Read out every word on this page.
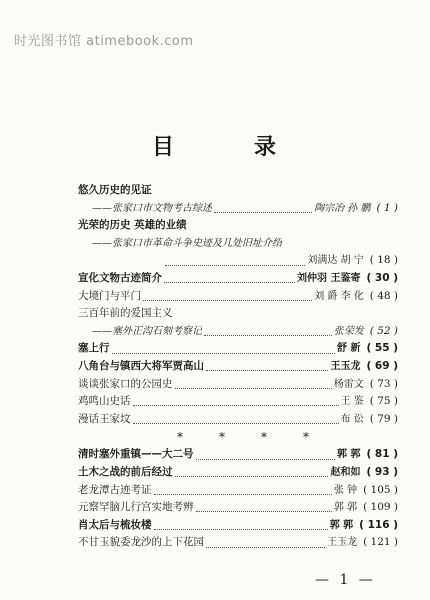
时光图书馆 atimebook.com
目	录
悠久历史的见证
——张家口市文物考古综述	陶宗冶 孙 鹏 ( 1 )
光荣的历史 英雄的业绩
——张家口市革命斗争史迹及几处旧址介绍
刘满达 胡 宁 ( 18 )
宣化文物古迹简介	刘仲羽 王鉴寄 ( 30 )
大境门与平门	刘 爵 李 化 ( 48 )
三百年前的爱国主义
——塞外正沟石刻考察记	张荣发 ( 52 )
塞上行	舒 新 ( 55 )
八角台与镇西大将军贾高山	王玉龙 ( 69 )
谈谈张家口的公园史	杨雷文 ( 73 )
鸡鸣山史话	王 鉴 ( 75 )
漫话王家坟	布 讼 ( 79 )
*	*	*	*
清时塞外重镇——大二号	郭 郭 ( 81 )
土木之战的前后经过	赵和如 ( 93 )
老龙潭古迹考证	张 钟 ( 105 )
元察罕脑儿行宫实地考辨	郭 郭 ( 109 )
肖太后与梳妆楼	郭 郭 ( 116 )
不甘玉貌委龙沙的上下花园	王玉龙 ( 121 )
— 1 —
